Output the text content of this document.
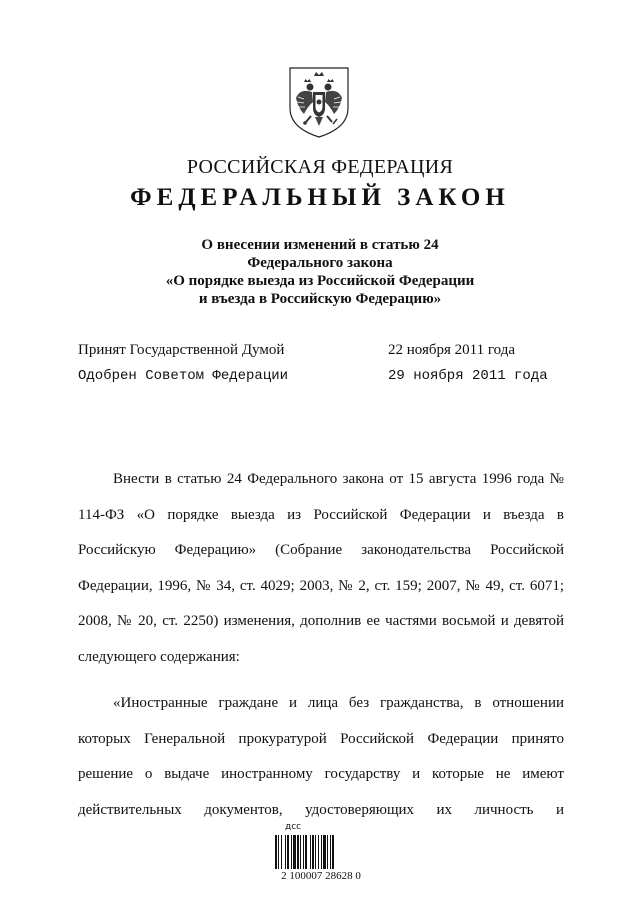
РОССИЙСКАЯ ФЕДЕРАЦИЯ
ФЕДЕРАЛЬНЫЙ ЗАКОН
О внесении изменений в статью 24
Федерального закона
«О порядке выезда из Российской Федерации
и въезда в Российскую Федерацию»
Принят Государственной Думой	22 ноября 2011 года
Одобрен Советом Федерации	29 ноября 2011 года

Внести в статью 24 Федерального закона от 15 августа 1996 года № 114-ФЗ «О порядке выезда из Российской Федерации и въезда в Российскую Федерацию» (Собрание законодательства Российской Федерации, 1996, № 34, ст. 4029; 2003, № 2, ст. 159; 2007, № 49, ст. 6071; 2008, № 20, ст. 2250) изменения, дополнив ее частями восьмой и девятой следующего содержания:

«Иностранные граждане и лица без гражданства, в отношении которых Генеральной прокуратурой Российской Федерации принято решение о выдаче иностранному государству и которые не имеют действительных документов, удостоверяющих их личность и

дсс
2 100007 28628 0
